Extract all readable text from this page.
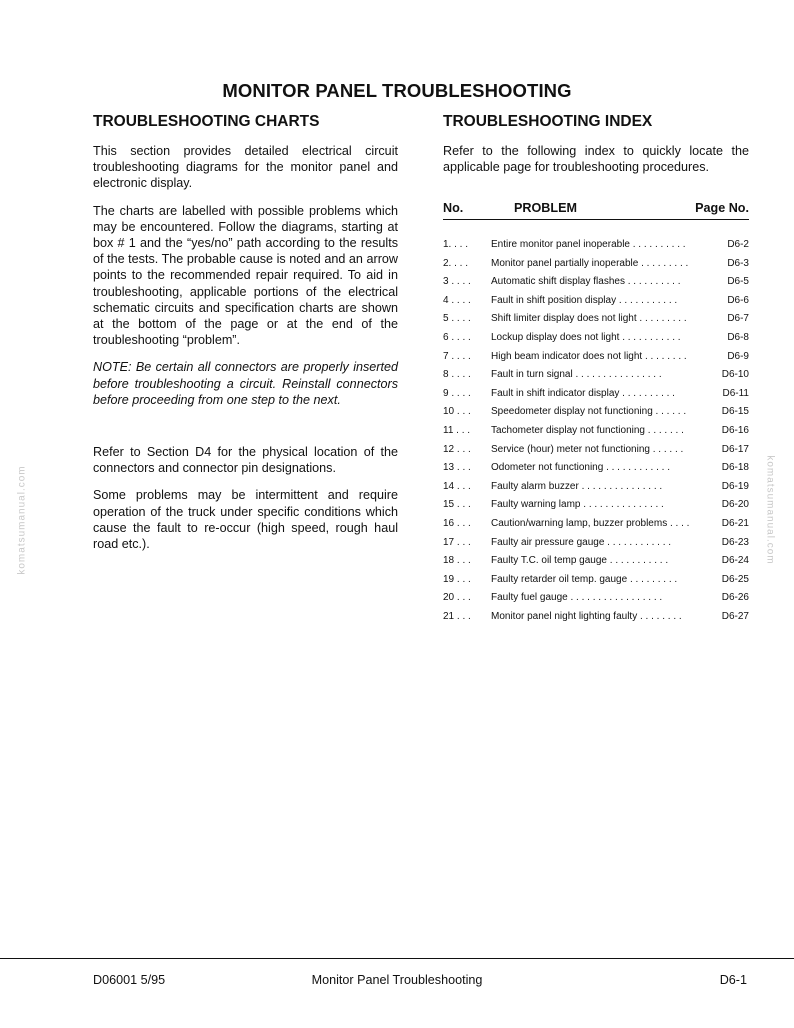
MONITOR PANEL TROUBLESHOOTING
TROUBLESHOOTING CHARTS

This section provides detailed electrical circuit troubleshooting diagrams for the monitor panel and electronic display.

The charts are labelled with possible problems which may be encountered. Follow the diagrams, starting at box # 1 and the “yes/no” path according to the results of the tests. The probable cause is noted and an arrow points to the recommended repair required. To aid in troubleshooting, applicable portions of the electrical schematic circuits and specification charts are shown at the bottom of the page or at the end of the troubleshooting “problem”.

NOTE: Be certain all connectors are properly inserted before troubleshooting a circuit. Reinstall connectors before proceeding from one step to the next.

Refer to Section D4 for the physical location of the connectors and connector pin designations.

Some problems may be intermittent and require operation of the truck under specific conditions which cause the fault to re-occur (high speed, rough haul road etc.).

TROUBLESHOOTING INDEX

Refer to the following index to quickly locate the applicable page for troubleshooting procedures.

No.	PROBLEM	Page No.
1. . . . Entire monitor panel inoperable . . . . . . . . . .	D6-2
2. . . . Monitor panel partially inoperable . . . . . . . . .	D6-3
3 . . . . Automatic shift display flashes . . . . . . . . . .	D6-5
4 . . . . Fault in shift position display . . . . . . . . . . .	D6-6
5 . . . . Shift limiter display does not light . . . . . . . . .	D6-7
6 . . . . Lockup display does not light . . . . . . . . . . .	D6-8
7 . . . . High beam indicator does not light . . . . . . . .	D6-9
8 . . . . Fault in turn signal . . . . . . . . . . . . . . . .	D6-10
9 . . . . Fault in shift indicator display . . . . . . . . . .	D6-11
10 . . . Speedometer display not functioning . . . . . .	D6-15
11 . . . Tachometer display not functioning . . . . . . .	D6-16
12 . . . Service (hour) meter not functioning . . . . . .	D6-17
13 . . . Odometer not functioning . . . . . . . . . . . .	D6-18
14 . . . Faulty alarm buzzer . . . . . . . . . . . . . . .	D6-19
15 . . . Faulty warning lamp . . . . . . . . . . . . . . .	D6-20
16 . . . Caution/warning lamp, buzzer problems . . . .	D6-21
17 . . . Faulty air pressure gauge . . . . . . . . . . . .	D6-23
18 . . . Faulty T.C. oil temp gauge . . . . . . . . . . .	D6-24
19 . . . Faulty retarder oil temp. gauge . . . . . . . . .	D6-25
20 . . . Faulty fuel gauge . . . . . . . . . . . . . . . . .	D6-26
21 . . . Monitor panel night lighting faulty . . . . . . . .	D6-27
komatsumanual.com	komatsumanual.com
D06001 5/95	Monitor Panel Troubleshooting	D6-1
